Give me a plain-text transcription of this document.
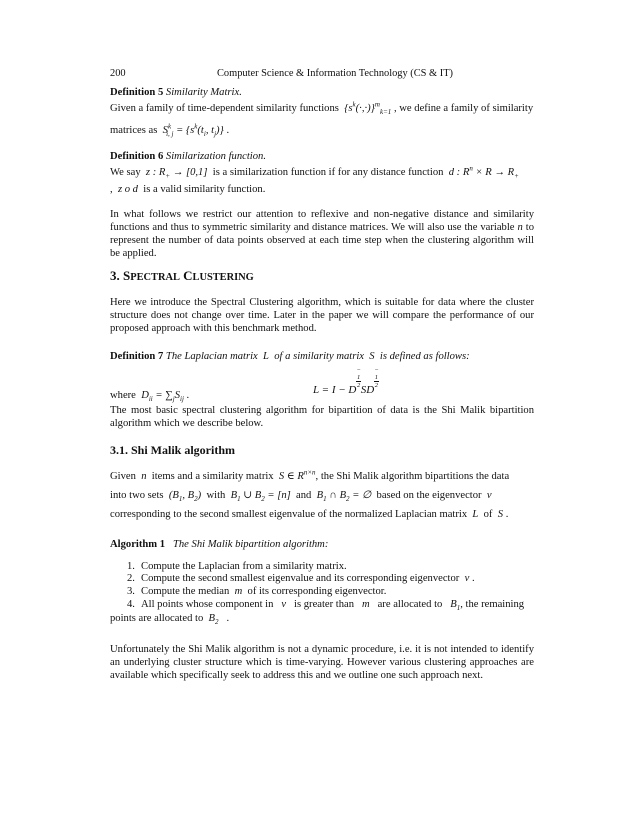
200	Computer Science & Information Technology (CS & IT)
Definition 5 Similarity Matrix.
Given a family of time-dependent similarity functions $\{s^k(\cdot,\cdot)\}^m_{k=1}$ , we define a family of similarity
matrices as $S^k_{i, j} = \{s^k(t_i$, $t_j$)} .
Definition 6 Similarization function.
We say z : $R_+ \to [0,1]$ is a similarization function if for any distance function d : $R^n \times R \to R_+$
, z o d is a valid similarity function.
In what follows we restrict our attention to reflexive and non-negative distance and similarity functions and thus to symmetric similarity and distance matrices. We will also use the variable n to represent the number of data points observed at each time step when the clustering algorithm will be applied.
3. SPECTRAL CLUSTERING
Here we introduce the Spectral Clustering algorithm, which is suitable for data where the cluster structure does not change over time. Later in the paper we will compare the performance of our proposed approach with this benchmark method.
Definition 7 The Laplacian matrix L of a similarity matrix S is defined as follows:
L = I − D−
1
2 SD−
1
2
where $D_{ii} = \sum_jS_{ij}$ .
The most basic spectral clustering algorithm for bipartition of data is the Shi Malik bipartition algorithm which we describe below.
3.1. Shi Malik algorithm
Given n items and a similarity matrix S ∈ $R^{n\times n}$, the Shi Malik algorithm bipartitions the data
into two sets ($B_1$, $B_2$) with $B_1$ ∪ $B_2 = [n]$ and $B_1$ ∩ $B_2$ = ∅ based on the eigenvector v
corresponding to the second smallest eigenvalue of the normalized Laplacian matrix L of S .
Algorithm 1 The Shi Malik bipartition algorithm:
1. Compute the Laplacian from a similarity matrix.
2. Compute the second smallest eigenvalue and its corresponding eigenvector v .
3. Compute the median m of its corresponding eigenvector.
4. All points whose component in v is greater than m are allocated to $B_1$, the remaining
points are allocated to $B_2$ .
Unfortunately the Shi Malik algorithm is not a dynamic procedure, i.e. it is not intended to identify an underlying cluster structure which is time-varying. However various clustering approaches are available which specifically seek to address this and we outline one such approach next.
